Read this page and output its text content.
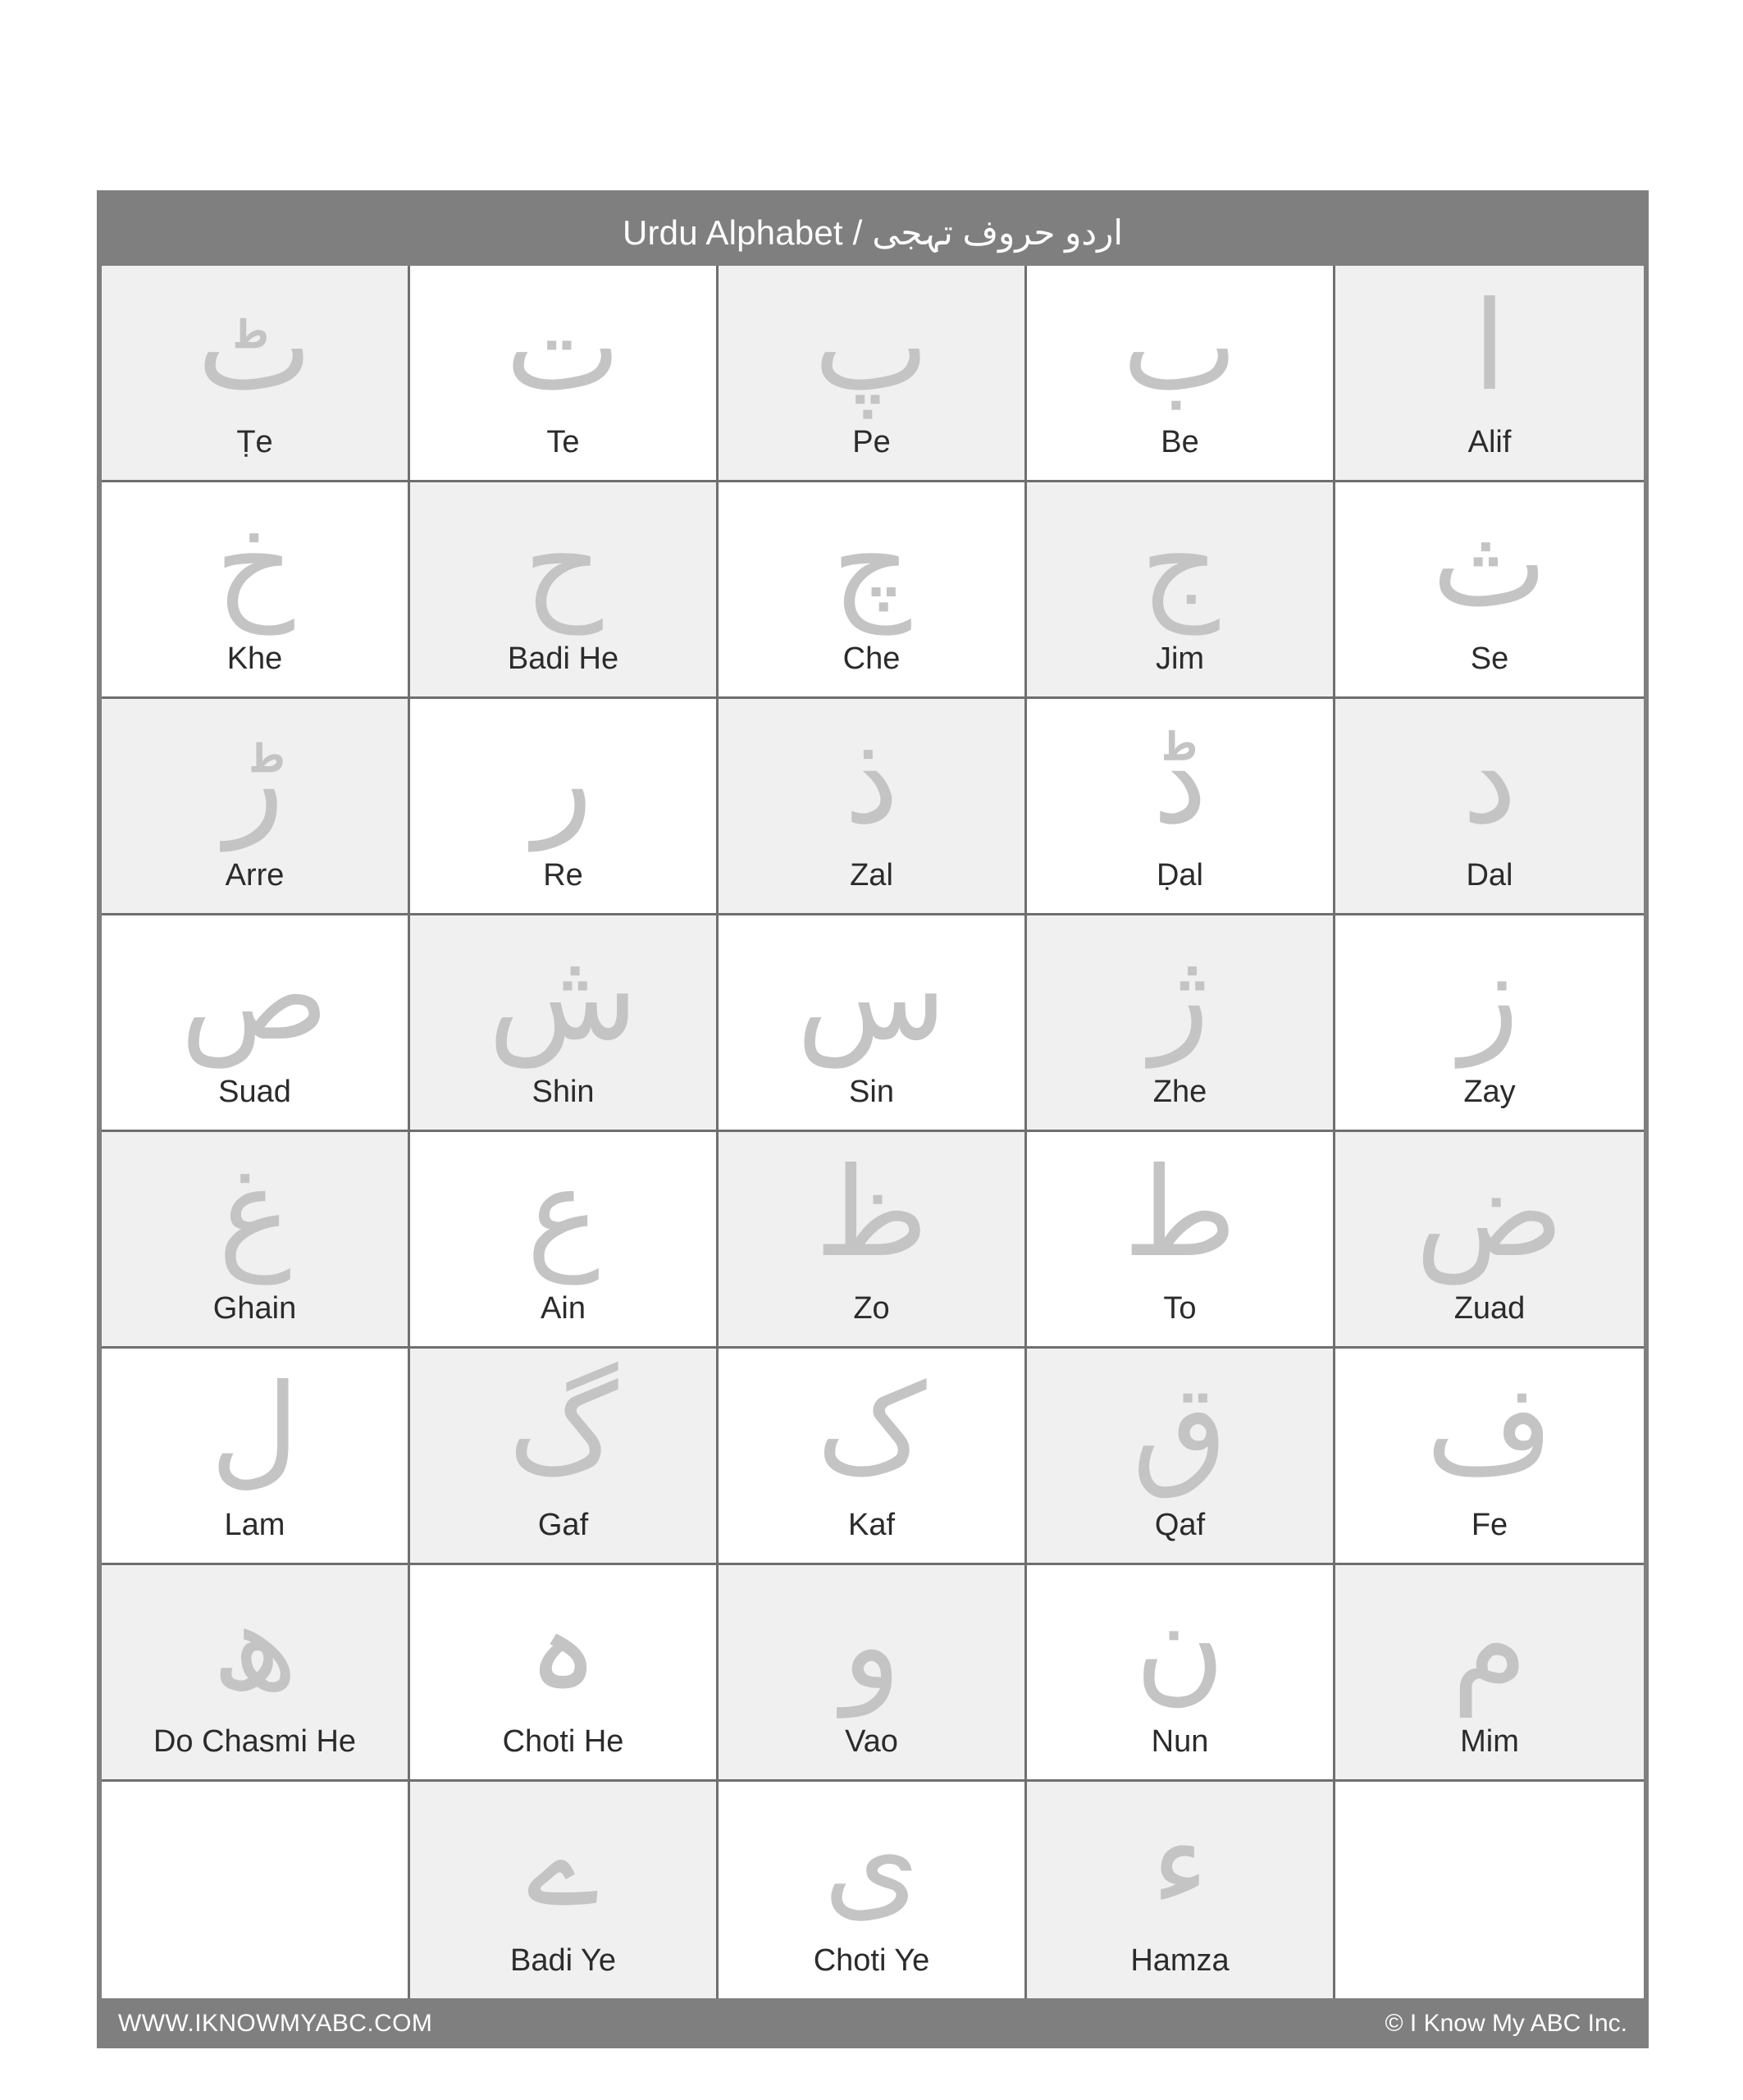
Urdu Alphabet / اردو حروف تہجی
ٹ
Ṭe
ت
Te
پ
Pe
ب
Be
ا
Alif
خ
Khe
ح
Badi He
چ
Che
ج
Jim
ث
Se
ڑ
Arre
ر
Re
ذ
Zal
ڈ
Ḍal
د
Dal
ص
Suad
ش
Shin
س
Sin
ژ
Zhe
ز
Zay
غ
Ghain
ع
Ain
ظ
Zo
ط
To
ض
Zuad
ل
Lam
گ
Gaf
ک
Kaf
ق
Qaf
ف
Fe
ھ
Do Chasmi He
ہ
Choti He
و
Vao
ن
Nun
م
Mim
ے
Badi Ye
ی
Choti Ye
ء
Hamza
WWW.IKNOWMYABC.COM	© I Know My ABC Inc.
